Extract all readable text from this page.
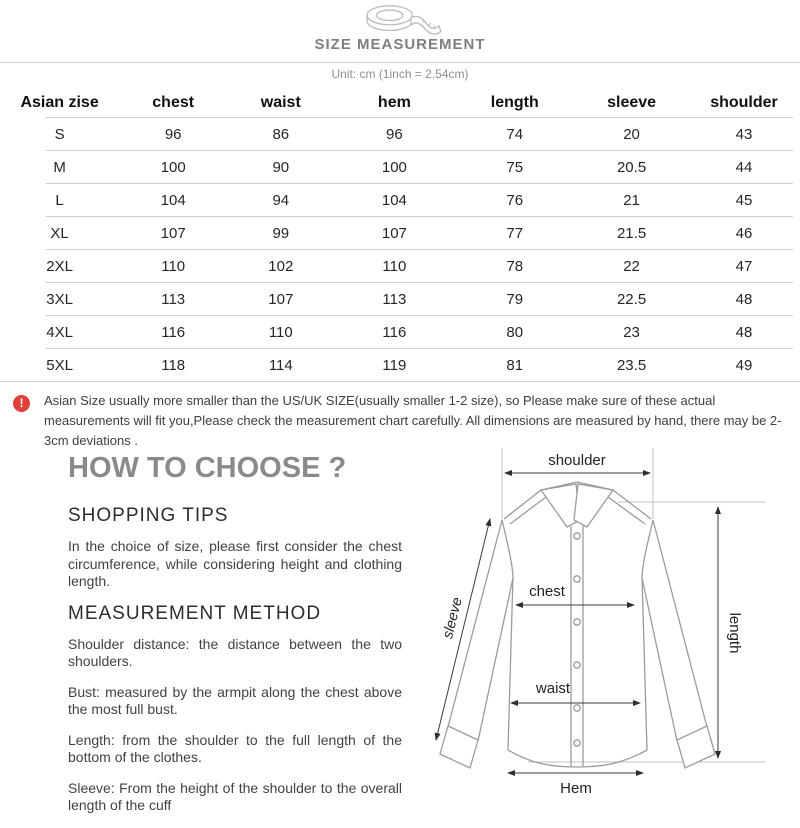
SIZE MEASUREMENT
Unit: cm (1inch = 2.54cm)
Asian zise	chest	waist	hem	length	sleeve	shoulder
S	96	86	96	74	20	43
M	100	90	100	75	20.5	44
L	104	94	104	76	21	45
XL	107	99	107	77	21.5	46
2XL	110	102	110	78	22	47
3XL	113	107	113	79	22.5	48
4XL	116	110	116	80	23	48
5XL	118	114	119	81	23.5	49
!	Asian Size usually more smaller than the US/UK SIZE(usually smaller 1-2 size), so Please make sure of these actual measurements will fit you,Please check the measurement chart carefully. All dimensions are measured by hand, there may be 2-3cm deviations .
HOW TO CHOOSE ?
SHOPPING TIPS

In the choice of size, please first consider the chest circumference, while considering height and clothing length.

MEASUREMENT METHOD

Shoulder distance: the distance between the two shoulders.

Bust: measured by the armpit along the chest above the most full bust.

Length: from the shoulder to the full length of the bottom of the clothes.

Sleeve: From the height of the shoulder to the overall length of the cuff

shoulder
chest
waist
Hem
length
sleeve
